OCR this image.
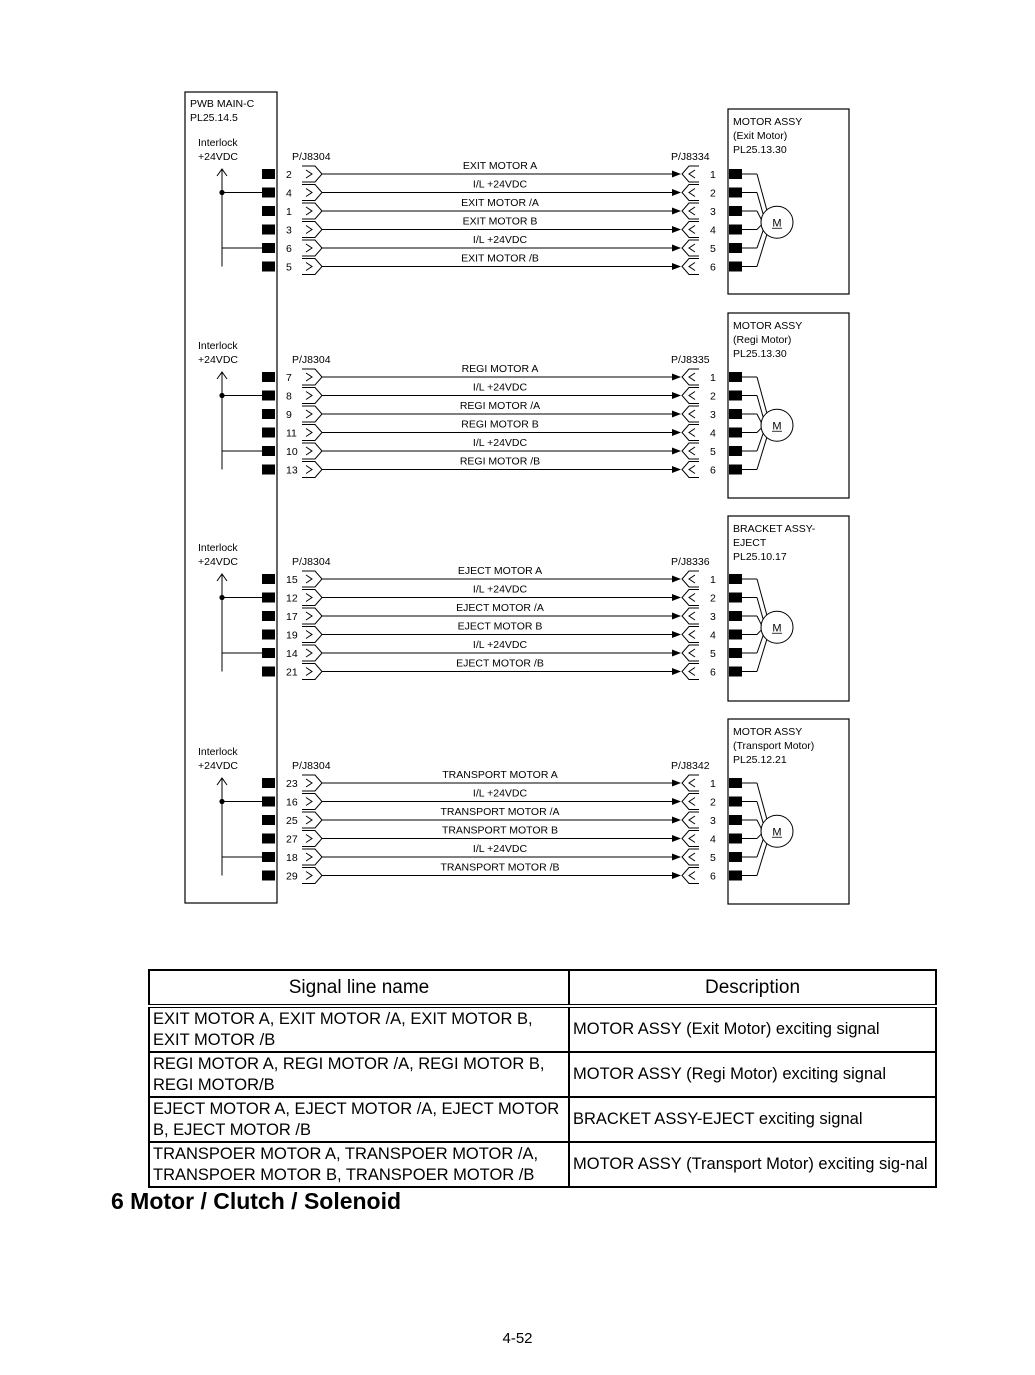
PWB MAIN-C
PL25.14.5
Interlock
+24VDC	P/J8304	P/J8334
MOTOR ASSY
(Exit Motor)
PL25.13.30
M
2
EXIT MOTOR A
1
4
I/L +24VDC
2
1
EXIT MOTOR /A
3
3
EXIT MOTOR B
4
6
I/L +24VDC
5
5
EXIT MOTOR /B
6
Interlock
+24VDC	P/J8304	P/J8335
MOTOR ASSY
(Regi Motor)
PL25.13.30
M
7
REGI MOTOR A
1
8
I/L +24VDC
2
9
REGI MOTOR /A
3
11
REGI MOTOR B
4
10
I/L +24VDC
5
13
REGI MOTOR /B
6
Interlock
+24VDC	P/J8304	P/J8336
BRACKET ASSY-
EJECT
PL25.10.17
M
15
EJECT MOTOR A
1
12
I/L +24VDC
2
17
EJECT MOTOR /A
3
19
EJECT MOTOR B
4
14
I/L +24VDC
5
21
EJECT MOTOR /B
6
Interlock
+24VDC	P/J8304	P/J8342
MOTOR ASSY
(Transport Motor)
PL25.12.21
M
23
TRANSPORT MOTOR A
1
16
I/L +24VDC
2
25
TRANSPORT MOTOR /A
3
27
TRANSPORT MOTOR B
4
18
I/L +24VDC
5
29
TRANSPORT MOTOR /B
6
Signal line name	Description
EXIT MOTOR A, EXIT MOTOR /A, EXIT MOTOR B, EXIT MOTOR /B	MOTOR ASSY (Exit Motor) exciting signal
REGI MOTOR A, REGI MOTOR /A, REGI MOTOR B, REGI MOTOR/B	MOTOR ASSY (Regi Motor) exciting signal
EJECT MOTOR A, EJECT MOTOR /A, EJECT MOTOR B, EJECT MOTOR /B	BRACKET ASSY-EJECT exciting signal
TRANSPOER MOTOR A, TRANSPOER MOTOR /A, TRANSPOER MOTOR B, TRANSPOER MOTOR /B	MOTOR ASSY (Transport Motor) exciting sig-nal
6 Motor / Clutch / Solenoid
4-52
